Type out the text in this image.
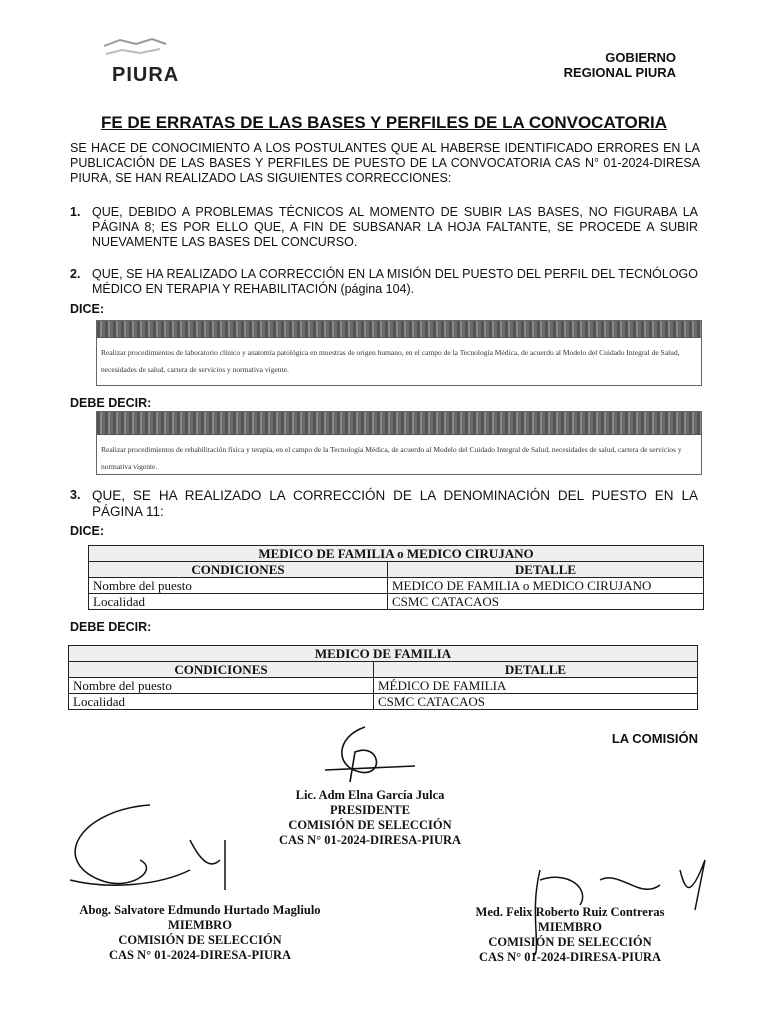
PIURA
GOBIERNO
REGIONAL PIURA
FE DE ERRATAS DE LAS BASES Y PERFILES DE LA CONVOCATORIA
SE HACE DE CONOCIMIENTO A LOS POSTULANTES QUE AL HABERSE IDENTIFICADO ERRORES EN LA PUBLICACIÓN DE LAS BASES Y PERFILES DE PUESTO DE LA CONVOCATORIA CAS N° 01-2024-DIRESA PIURA, SE HAN REALIZADO LAS SIGUIENTES CORRECCIONES:
1. QUE, DEBIDO A PROBLEMAS TÉCNICOS AL MOMENTO DE SUBIR LAS BASES, NO FIGURABA LA PÁGINA 8; ES POR ELLO QUE, A FIN DE SUBSANAR LA HOJA FALTANTE, SE PROCEDE A SUBIR NUEVAMENTE LAS BASES DEL CONCURSO.
2. QUE, SE HA REALIZADO LA CORRECCIÓN EN LA MISIÓN DEL PUESTO DEL PERFIL DEL TECNÓLOGO MÉDICO EN TERAPIA Y REHABILITACIÓN (página 104).
DICE:
Realizar procedimientos de laboratorio clínico y anatomía patológica en muestras de origen humano, en el campo de la Tecnología Médica, de acuerdo al Modelo del Cuidado Integral de Salud, necesidades de salud, cartera de servicios y normativa vigente.
DEBE DECIR:
Realizar procedimientos de rehabilitación física y terapia, en el campo de la Tecnología Médica, de acuerdo al Modelo del Cuidado Integral de Salud, necesidades de salud, cartera de servicios y normativa vigente.
3. QUE, SE HA REALIZADO LA CORRECCIÓN DE LA DENOMINACIÓN DEL PUESTO EN LA PÁGINA 11:
DICE:
MEDICO DE FAMILIA o MEDICO CIRUJANO	
CONDICIONES	DETALLE
Nombre del puesto	MEDICO DE FAMILIA o MEDICO CIRUJANO
Localidad	CSMC CATACAOS
DEBE DECIR:
MEDICO DE FAMILIA	
CONDICIONES	DETALLE
Nombre del puesto	MÉDICO DE FAMILIA
Localidad	CSMC CATACAOS
LA COMISIÓN
Lic. Adm Elna García Julca
PRESIDENTE
COMISIÓN DE SELECCIÓN
CAS N° 01-2024-DIRESA-PIURA
Abog. Salvatore Edmundo Hurtado Magliulo
MIEMBRO
COMISIÓN DE SELECCIÓN
CAS N° 01-2024-DIRESA-PIURA
Med. Felix Roberto Ruiz Contreras
MIEMBRO
COMISIÓN DE SELECCIÓN
CAS N° 01-2024-DIRESA-PIURA
